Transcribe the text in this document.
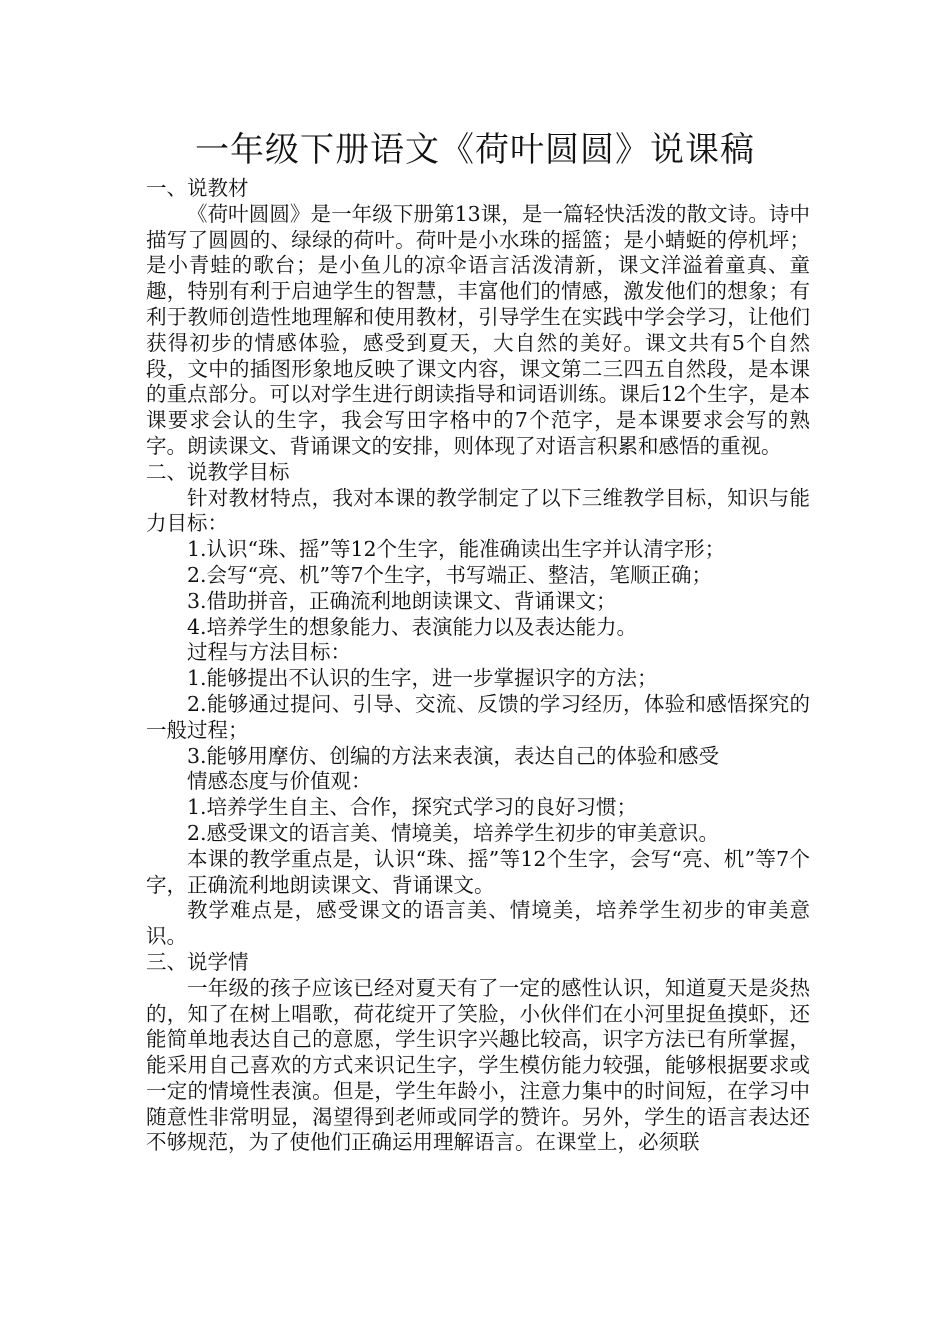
一年级下册语文《荷叶圆圆》说课稿

一、说教材

《荷叶圆圆》是一年级下册第13课，是一篇轻快活泼的散文诗。诗中描写了圆圆的、绿绿的荷叶。荷叶是小水珠的摇篮；是小蜻蜓的停机坪；是小青蛙的歌台；是小鱼儿的凉伞语言活泼清新，课文洋溢着童真、童趣，特别有利于启迪学生的智慧，丰富他们的情感，激发他们的想象；有利于教师创造性地理解和使用教材，引导学生在实践中学会学习，让他们获得初步的情感体验，感受到夏天，大自然的美好。课文共有5个自然段，文中的插图形象地反映了课文内容，课文第二三四五自然段，是本课的重点部分。可以对学生进行朗读指导和词语训练。课后12个生字，是本课要求会认的生字，我会写田字格中的7个范字，是本课要求会写的熟字。朗读课文、背诵课文的安排，则体现了对语言积累和感悟的重视。

二、说教学目标

针对教材特点，我对本课的教学制定了以下三维教学目标，知识与能力目标：

1.认识“珠、摇”等12个生字，能准确读出生字并认清字形；

2.会写“亮、机”等7个生字，书写端正、整洁，笔顺正确；

3.借助拼音，正确流利地朗读课文、背诵课文；

4.培养学生的想象能力、表演能力以及表达能力。

过程与方法目标：

1.能够提出不认识的生字，进一步掌握识字的方法；

2.能够通过提问、引导、交流、反馈的学习经历，体验和感悟探究的一般过程；

3.能够用摩仿、创编的方法来表演，表达自己的体验和感受

情感态度与价值观：

1.培养学生自主、合作，探究式学习的良好习惯；

2.感受课文的语言美、情境美，培养学生初步的审美意识。

本课的教学重点是，认识“珠、摇”等12个生字，会写“亮、机”等7个字，正确流利地朗读课文、背诵课文。

教学难点是，感受课文的语言美、情境美，培养学生初步的审美意识。

三、说学情

一年级的孩子应该已经对夏天有了一定的感性认识，知道夏天是炎热的，知了在树上唱歌，荷花绽开了笑脸，小伙伴们在小河里捉鱼摸虾，还能简单地表达自己的意愿，学生识字兴趣比较高，识字方法已有所掌握，能采用自己喜欢的方式来识记生字，学生模仿能力较强，能够根据要求或一定的情境性表演。但是，学生年龄小，注意力集中的时间短，在学习中随意性非常明显，渴望得到老师或同学的赞许。另外，学生的语言表达还不够规范，为了使他们正确运用理解语言。在课堂上，必须联
